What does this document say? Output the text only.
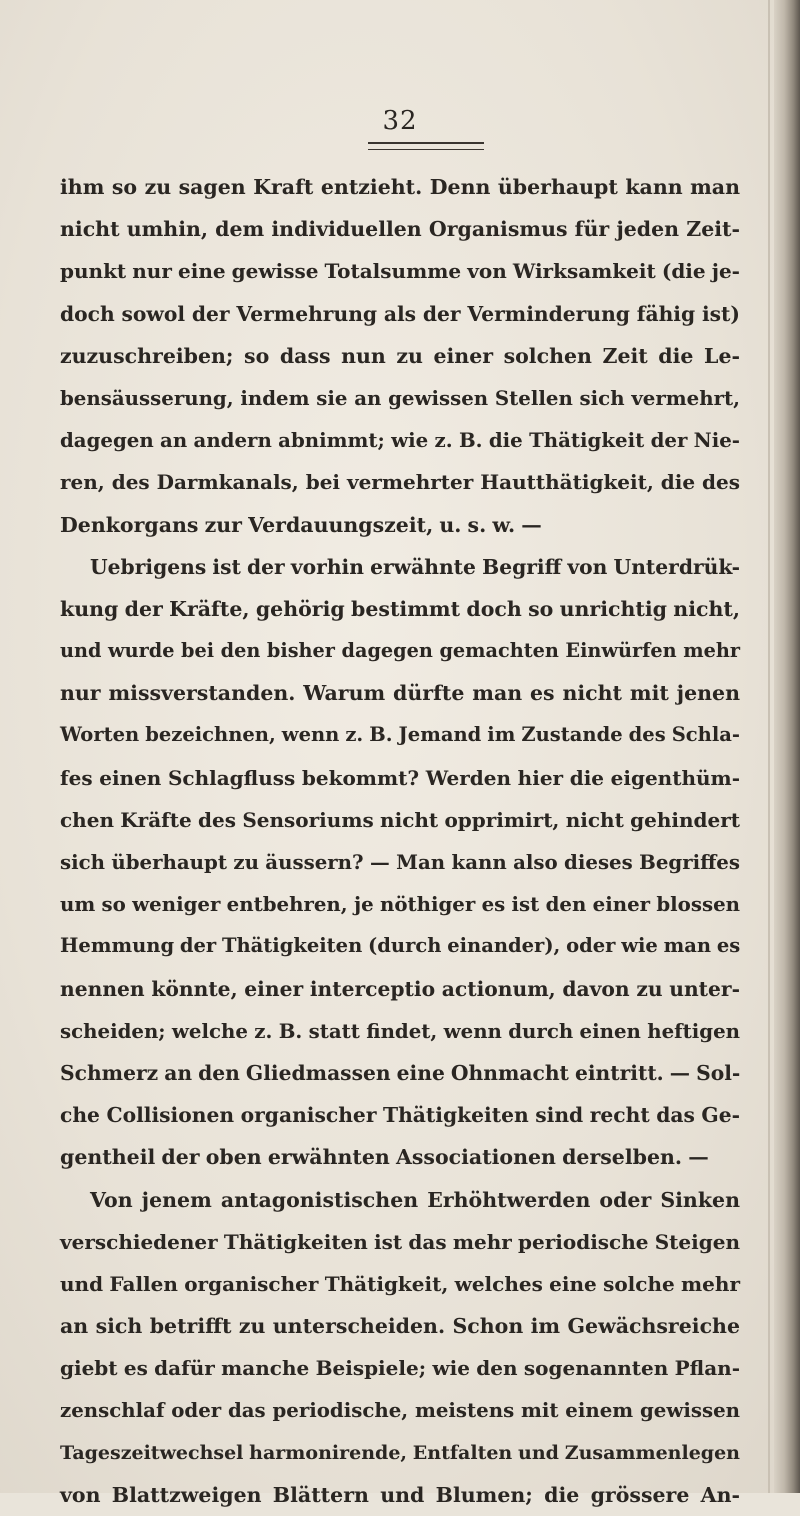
32
ihm so zu sagen Kraft entzieht. Denn überhaupt kann man
nicht umhin, dem individuellen Organismus für jeden Zeit-
punkt nur eine gewisse Totalsumme von Wirksamkeit (die je-
doch sowol der Vermehrung als der Verminderung fähig ist)
zuzuschreiben; so dass nun zu einer solchen Zeit die Le-
bensäusserung, indem sie an gewissen Stellen sich vermehrt,
dagegen an andern abnimmt; wie z. B. die Thätigkeit der Nie-
ren, des Darmkanals, bei vermehrter Hautthätigkeit, die des
Denkorgans zur Verdauungszeit, u. s. w. —
Uebrigens ist der vorhin erwähnte Begriff von Unterdrük-
kung der Kräfte, gehörig bestimmt doch so unrichtig nicht,
und wurde bei den bisher dagegen gemachten Einwürfen mehr
nur missverstanden. Warum dürfte man es nicht mit jenen
Worten bezeichnen, wenn z. B. Jemand im Zustande des Schla-
fes einen Schlagfluss bekommt? Werden hier die eigenthüm-
chen Kräfte des Sensoriums nicht opprimirt, nicht gehindert
sich überhaupt zu äussern? — Man kann also dieses Begriffes
um so weniger entbehren, je nöthiger es ist den einer blossen
Hemmung der Thätigkeiten (durch einander), oder wie man es
nennen könnte, einer interceptio actionum, davon zu unter-
scheiden; welche z. B. statt findet, wenn durch einen heftigen
Schmerz an den Gliedmassen eine Ohnmacht eintritt. — Sol-
che Collisionen organischer Thätigkeiten sind recht das Ge-
gentheil der oben erwähnten Associationen derselben. —
Von jenem antagonistischen Erhöhtwerden oder Sinken
verschiedener Thätigkeiten ist das mehr periodische Steigen
und Fallen organischer Thätigkeit, welches eine solche mehr
an sich betrifft zu unterscheiden. Schon im Gewächsreiche
giebt es dafür manche Beispiele; wie den sogenannten Pflan-
zenschlaf oder das periodische, meistens mit einem gewissen
Tageszeitwechsel harmonirende, Entfalten und Zusammenlegen
von Blattzweigen Blättern und Blumen; die grössere An-
